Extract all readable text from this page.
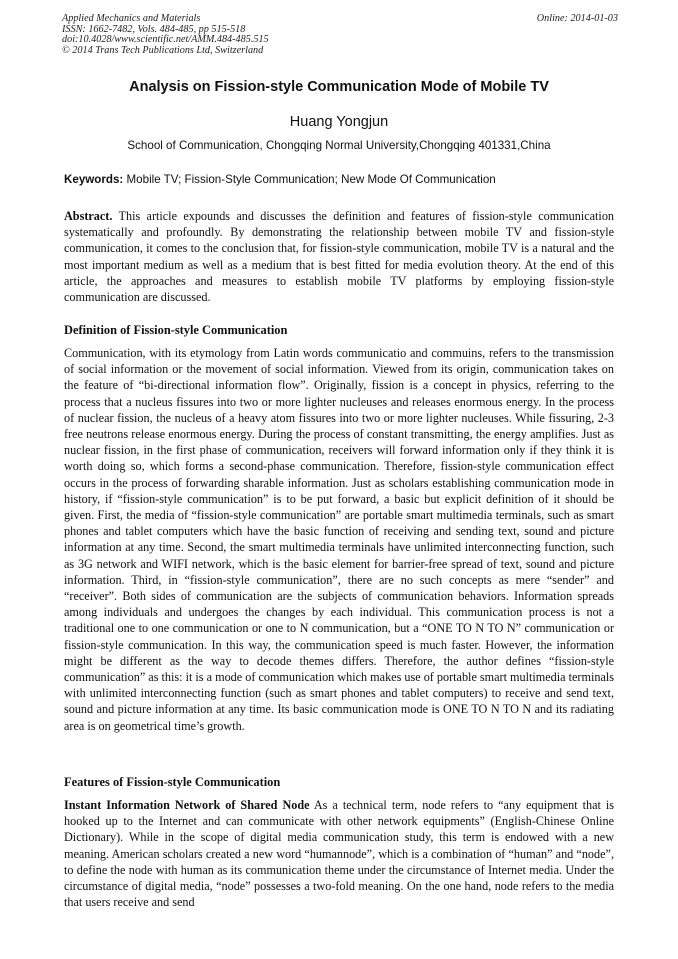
Applied Mechanics and Materials
ISSN: 1662-7482, Vols. 484-485, pp 515-518
doi:10.4028/www.scientific.net/AMM.484-485.515
© 2014 Trans Tech Publications Ltd, Switzerland
Online: 2014-01-03
Analysis on Fission-style Communication Mode of Mobile TV
Huang Yongjun
School of Communication, Chongqing Normal University,Chongqing 401331,China
Keywords: Mobile TV; Fission-Style Communication; New Mode Of Communication
Abstract. This article expounds and discusses the definition and features of fission-style communication systematically and profoundly. By demonstrating the relationship between mobile TV and fission-style communication, it comes to the conclusion that, for fission-style communication, mobile TV is a natural and the most important medium as well as a medium that is best fitted for media evolution theory. At the end of this article, the approaches and measures to establish mobile TV platforms by employing fission-style communication are discussed.
Definition of Fission-style Communication
Communication, with its etymology from Latin words communicatio and commuins, refers to the transmission of social information or the movement of social information. Viewed from its origin, communication takes on the feature of “bi-directional information flow”. Originally, fission is a concept in physics, referring to the process that a nucleus fissures into two or more lighter nucleuses and releases enormous energy. In the process of nuclear fission, the nucleus of a heavy atom fissures into two or more lighter nucleuses. While fissuring, 2-3 free neutrons release enormous energy. During the process of constant transmitting, the energy amplifies. Just as nuclear fission, in the first phase of communication, receivers will forward information only if they think it is worth doing so, which forms a second-phase communication. Therefore, fission-style communication effect occurs in the process of forwarding sharable information. Just as scholars establishing communication mode in history, if “fission-style communication” is to be put forward, a basic but explicit definition of it should be given. First, the media of “fission-style communication” are portable smart multimedia terminals, such as smart phones and tablet computers which have the basic function of receiving and sending text, sound and picture information at any time. Second, the smart multimedia terminals have unlimited interconnecting function, such as 3G network and WIFI network, which is the basic element for barrier-free spread of text, sound and picture information. Third, in “fission-style communication”, there are no such concepts as mere “sender” and “receiver”. Both sides of communication are the subjects of communication behaviors. Information spreads among individuals and undergoes the changes by each individual. This communication process is not a traditional one to one communication or one to N communication, but a “ONE TO N TO N” communication or fission-style communication. In this way, the communication speed is much faster. However, the information might be different as the way to decode themes differs. Therefore, the author defines “fission-style communication” as this: it is a mode of communication which makes use of portable smart multimedia terminals with unlimited interconnecting function (such as smart phones and tablet computers) to receive and send text, sound and picture information at any time. Its basic communication mode is ONE TO N TO N and its radiating area is on geometrical time’s growth.
Features of Fission-style Communication
Instant Information Network of Shared Node As a technical term, node refers to “any equipment that is hooked up to the Internet and can communicate with other network equipments” (English-Chinese Online Dictionary). While in the scope of digital media communication study, this term is endowed with a new meaning. American scholars created a new word “humannode”, which is a combination of “human” and “node”, to define the node with human as its communication theme under the circumstance of Internet media. Under the circumstance of digital media, “node” possesses a two-fold meaning. On the one hand, node refers to the media that users receive and send
